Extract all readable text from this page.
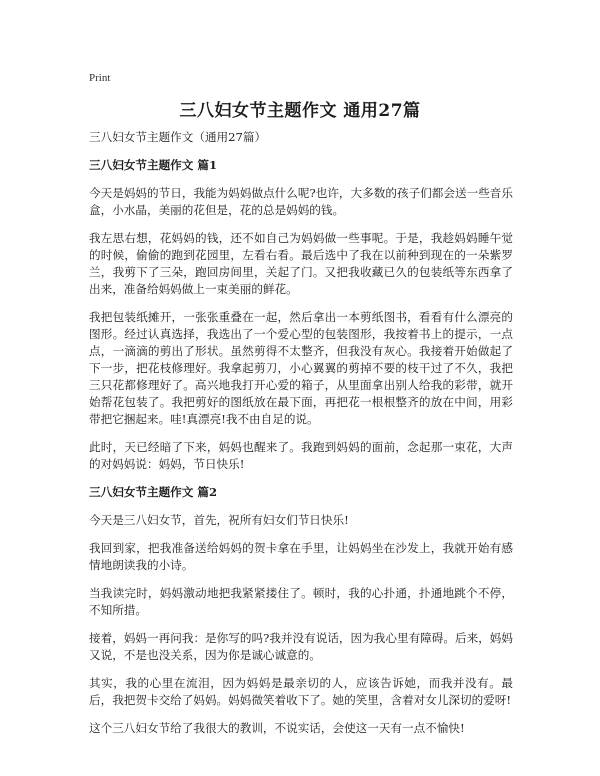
Print
三八妇女节主题作文 通用27篇
三八妇女节主题作文（通用27篇）
三八妇女节主题作文 篇1
今天是妈妈的节日，我能为妈妈做点什么呢?也许，大多数的孩子们都会送一些音乐盒，小水晶，美丽的花但是，花的总是妈妈的钱。
我左思右想，花妈妈的钱，还不如自己为妈妈做一些事呢。于是，我趁妈妈睡午觉的时候，偷偷的跑到花园里，左看右看。最后选中了我在以前种到现在的一朵紫罗兰，我剪下了三朵，跑回房间里，关起了门。又把我收藏已久的包装纸等东西拿了出来，准备给妈妈做上一束美丽的鲜花。
我把包装纸摊开，一张张重叠在一起，然后拿出一本剪纸图书，看看有什么漂亮的图形。经过认真选择，我选出了一个爱心型的包装图形，我按着书上的提示，一点点，一滴滴的剪出了形状。虽然剪得不太整齐，但我没有灰心。我接着开始做起了下一步，把花枝修理好。我拿起剪刀，小心翼翼的剪掉不要的枝干过了不久，我把三只花都修理好了。高兴地我打开心爱的箱子，从里面拿出别人给我的彩带，就开始帮花包装了。我把剪好的图纸放在最下面，再把花一根根整齐的放在中间，用彩带把它捆起来。哇!真漂亮!我不由自足的说。
此时，天已经暗了下来，妈妈也醒来了。我跑到妈妈的面前，念起那一束花，大声的对妈妈说：妈妈，节日快乐!
三八妇女节主题作文 篇2
今天是三八妇女节，首先，祝所有妇女们节日快乐!
我回到家，把我准备送给妈妈的贺卡拿在手里，让妈妈坐在沙发上，我就开始有感情地朗读我的小诗。
当我读完时，妈妈激动地把我紧紧搂住了。顿时，我的心扑通，扑通地跳个不停，不知所措。
接着，妈妈一再问我：是你写的吗?我并没有说话，因为我心里有障碍。后来，妈妈又说，不是也没关系，因为你是诚心诚意的。
其实，我的心里在流泪，因为妈妈是最亲切的人，应该告诉她，而我并没有。最后，我把贺卡交给了妈妈。妈妈微笑着收下了。她的笑里，含着对女儿深切的爱呀!
这个三八妇女节给了我很大的教训，不说实话，会使这一天有一点不愉快!
